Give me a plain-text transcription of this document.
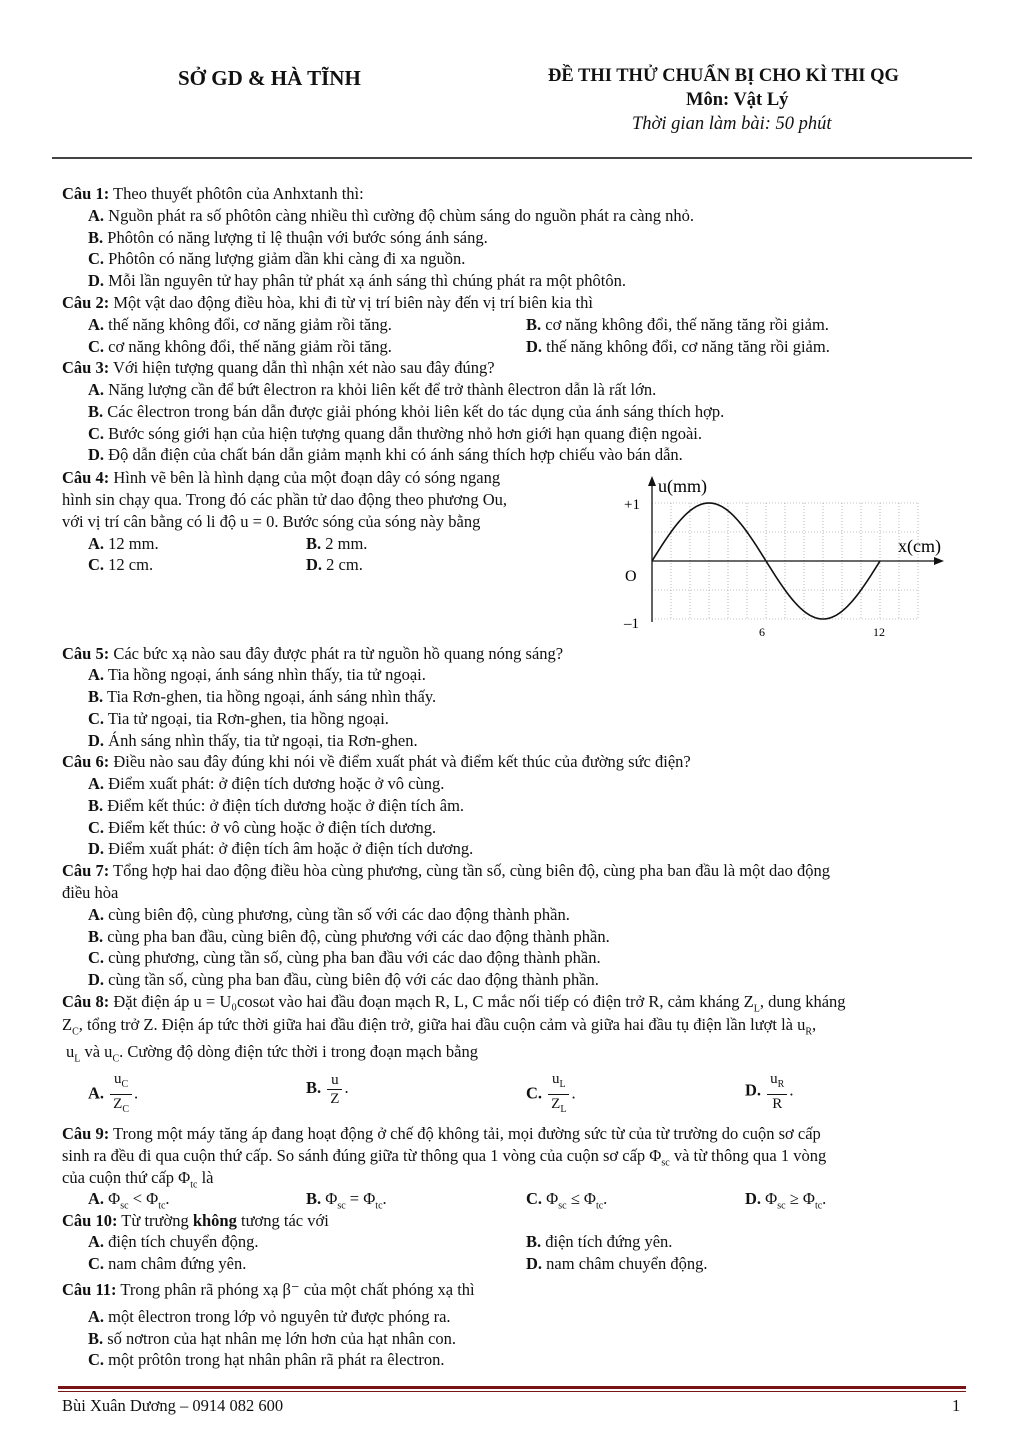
SỞ GD & HÀ TĨNH	ĐỀ THI THỬ CHUẨN BỊ CHO KÌ THI QG
Môn: Vật Lý
Thời gian làm bài: 50 phút
Câu 1: Theo thuyết phôtôn của Anhxtanh thì:
A. Nguồn phát ra số phôtôn càng nhiều thì cường độ chùm sáng do nguồn phát ra càng nhỏ.
B. Phôtôn có năng lượng tỉ lệ thuận với bước sóng ánh sáng.
C. Phôtôn có năng lượng giảm dần khi càng đi xa nguồn.
D. Mỗi lần nguyên tử hay phân tử phát xạ ánh sáng thì chúng phát ra một phôtôn.
Câu 2: Một vật dao động điều hòa, khi đi từ vị trí biên này đến vị trí biên kia thì
A. thế năng không đổi, cơ năng giảm rồi tăng.	B. cơ năng không đổi, thế năng tăng rồi giảm.
C. cơ năng không đổi, thế năng giảm rồi tăng.	D. thế năng không đổi, cơ năng tăng rồi giảm.
Câu 3: Với hiện tượng quang dẫn thì nhận xét nào sau đây đúng?
A. Năng lượng cần để bứt êlectron ra khỏi liên kết để trở thành êlectron dẫn là rất lớn.
B. Các êlectron trong bán dẫn được giải phóng khỏi liên kết do tác dụng của ánh sáng thích hợp.
C. Bước sóng giới hạn của hiện tượng quang dẫn thường nhỏ hơn giới hạn quang điện ngoài.
D. Độ dẫn điện của chất bán dẫn giảm mạnh khi có ánh sáng thích hợp chiếu vào bán dẫn.
Câu 4: Hình vẽ bên là hình dạng của một đoạn dây có sóng ngang
hình sin chạy qua. Trong đó các phần tử dao động theo phương Ou,
với vị trí cân bằng có li độ u = 0. Bước sóng của sóng này bằng
A. 12 mm.	B. 2 mm.
C. 12 cm.	D. 2 cm.
u(mm)
x(cm)
+1
–1
O
6	12
Câu 5: Các bức xạ nào sau đây được phát ra từ nguồn hồ quang nóng sáng?
A. Tia hồng ngoại, ánh sáng nhìn thấy, tia tử ngoại.
B. Tia Rơn-ghen, tia hồng ngoại, ánh sáng nhìn thấy.
C. Tia tử ngoại, tia Rơn-ghen, tia hồng ngoại.
D. Ánh sáng nhìn thấy, tia tử ngoại, tia Rơn-ghen.
Câu 6: Điều nào sau đây đúng khi nói về điểm xuất phát và điểm kết thúc của đường sức điện?
A. Điểm xuất phát: ở điện tích dương hoặc ở vô cùng.
B. Điểm kết thúc: ở điện tích dương hoặc ở điện tích âm.
C. Điểm kết thúc: ở vô cùng hoặc ở điện tích dương.
D. Điểm xuất phát: ở điện tích âm hoặc ở điện tích dương.
Câu 7: Tổng hợp hai dao động điều hòa cùng phương, cùng tần số, cùng biên độ, cùng pha ban đầu là một dao động
điều hòa
A. cùng biên độ, cùng phương, cùng tần số với các dao động thành phần.
B. cùng pha ban đầu, cùng biên độ, cùng phương với các dao động thành phần.
C. cùng phương, cùng tần số, cùng pha ban đầu với các dao động thành phần.
D. cùng tần số, cùng pha ban đầu, cùng biên độ với các dao động thành phần.
Câu 8: Đặt điện áp u = U₀cosωt vào hai đầu đoạn mạch R, L, C mắc nối tiếp có điện trở R, cảm kháng $Z_L$, dung kháng
$Z_C$, tổng trở Z. Điện áp tức thời giữa hai đầu điện trở, giữa hai đầu cuộn cảm và giữa hai đầu tụ điện lần lượt là $u_R$,
$u_L$ và $u_C$. Cường độ dòng điện tức thời i trong đoạn mạch bằng
A. $\frac{u_C}{Z_C}$ .	B. $\frac{u}{Z}$ .	C. $\frac{u_L}{Z_L}$ .	D. $\frac{u_R}{R}$ .
Câu 9: Trong một máy tăng áp đang hoạt động ở chế độ không tải, mọi đường sức từ của từ trường do cuộn sơ cấp
sinh ra đều đi qua cuộn thứ cấp. So sánh đúng giữa từ thông qua 1 vòng của cuộn sơ cấp $\Phi_{sc}$ và từ thông qua 1 vòng
của cuộn thứ cấp $\Phi_{tc}$ là
A. $\Phi_{sc} < \Phi_{tc}$.	B. $\Phi_{sc} = \Phi_{tc}$.	C. $\Phi_{sc} \le \Phi_{tc}$.	D. $\Phi_{sc} \ge \Phi_{tc}$.
Câu 10: Từ trường không tương tác với
A. điện tích chuyển động.	B. điện tích đứng yên.
C. nam châm đứng yên.	D. nam châm chuyển động.
Câu 11: Trong phân rã phóng xạ β⁻ của một chất phóng xạ thì
A. một êlectron trong lớp vỏ nguyên tử được phóng ra.
B. số nơtron của hạt nhân mẹ lớn hơn của hạt nhân con.
C. một prôtôn trong hạt nhân phân rã phát ra êlectron.
Bùi Xuân Dương – 0914 082 600	1
